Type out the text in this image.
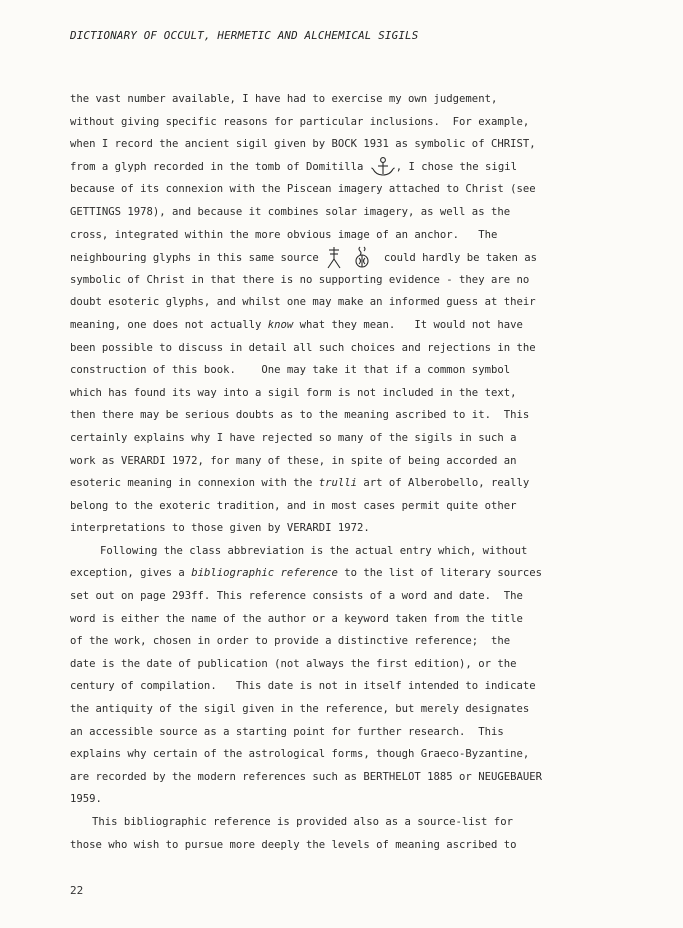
DICTIONARY OF OCCULT, HERMETIC AND ALCHEMICAL SIGILS
the vast number available, I have had to exercise my own judgement,
without giving specific reasons for particular inclusions.  For example,
when I record the ancient sigil given by BOCK 1931 as symbolic of CHRIST,
from a glyph recorded in the tomb of Domitilla
, I chose the sigil
because of its connexion with the Piscean imagery attached to Christ (see
GETTINGS 1978), and because it combines solar imagery, as well as the
cross, integrated within the more obvious image of an anchor.   The
neighbouring glyphs in this same source	could hardly be taken as
symbolic of Christ in that there is no supporting evidence - they are no
doubt esoteric glyphs, and whilst one may make an informed guess at their
meaning, one does not actually know what they mean.   It would not have
been possible to discuss in detail all such choices and rejections in the
construction of this book.    One may take it that if a common symbol
which has found its way into a sigil form is not included in the text,
then there may be serious doubts as to the meaning ascribed to it.  This
certainly explains why I have rejected so many of the sigils in such a
work as VERARDI 1972, for many of these, in spite of being accorded an
esoteric meaning in connexion with the trulli art of Alberobello, really
belong to the exoteric tradition, and in most cases permit quite other
interpretations to those given by VERARDI 1972.
Following the class abbreviation is the actual entry which, without
exception, gives a bibliographic reference to the list of literary sources
set out on page 293ff. This reference consists of a word and date.  The
word is either the name of the author or a keyword taken from the title
of the work, chosen in order to provide a distinctive reference;  the
date is the date of publication (not always the first edition), or the
century of compilation.   This date is not in itself intended to indicate
the antiquity of the sigil given in the reference, but merely designates
an accessible source as a starting point for further research.  This
explains why certain of the astrological forms, though Graeco-Byzantine,
are recorded by the modern references such as BERTHELOT 1885 or NEUGEBAUER
1959.
This bibliographic reference is provided also as a source-list for
those who wish to pursue more deeply the levels of meaning ascribed to
22
